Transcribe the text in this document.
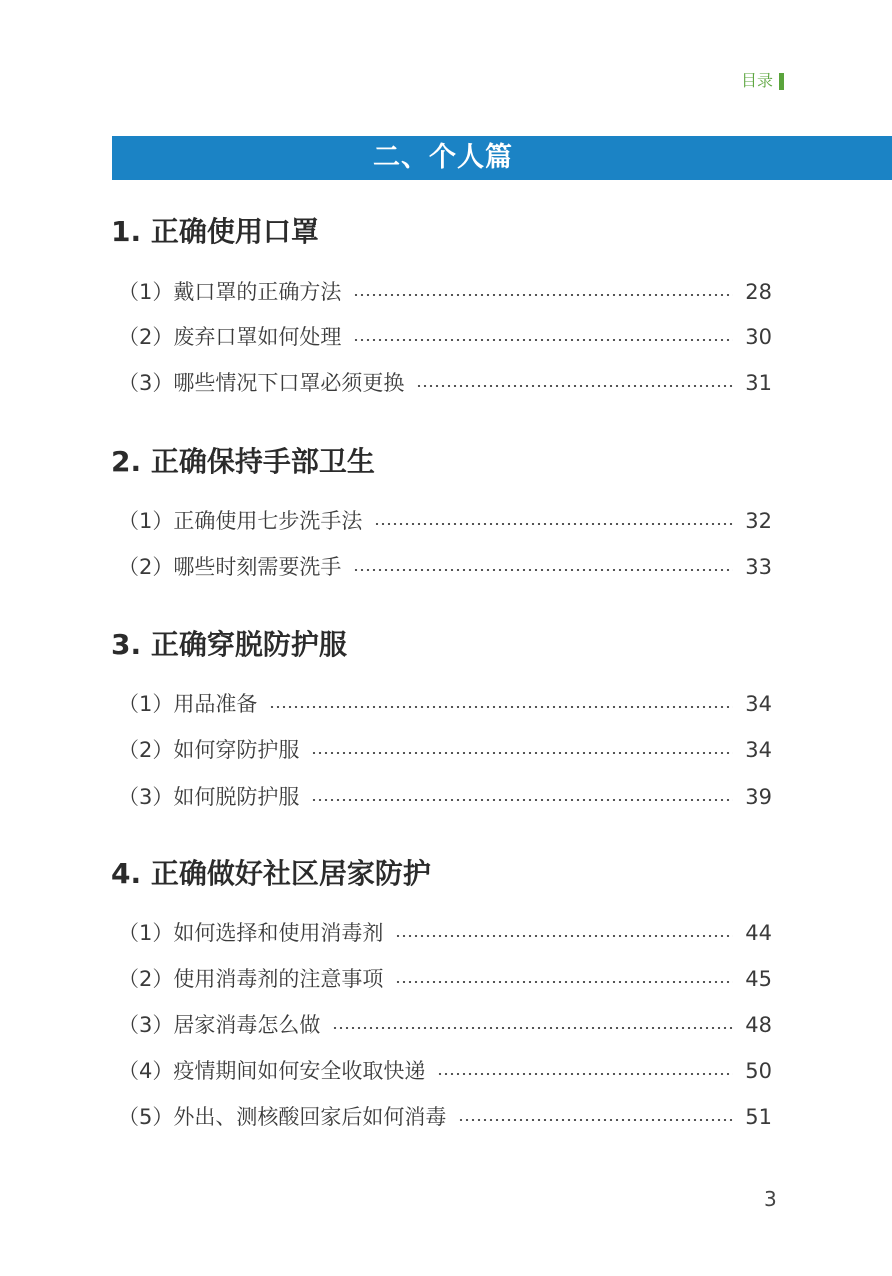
目录
二、个人篇
1. 正确使用口罩
（1） 戴口罩的正确方法	28
（2） 废弃口罩如何处理	30
（3） 哪些情况下口罩必须更换	31
2. 正确保持手部卫生
（1） 正确使用七步洗手法	32
（2） 哪些时刻需要洗手	33
3. 正确穿脱防护服
（1） 用品准备	34
（2） 如何穿防护服	34
（3） 如何脱防护服	39
4. 正确做好社区居家防护
（1） 如何选择和使用消毒剂	44
（2） 使用消毒剂的注意事项	45
（3） 居家消毒怎么做	48
（4） 疫情期间如何安全收取快递	50
（5） 外出、测核酸回家后如何消毒	51
3
